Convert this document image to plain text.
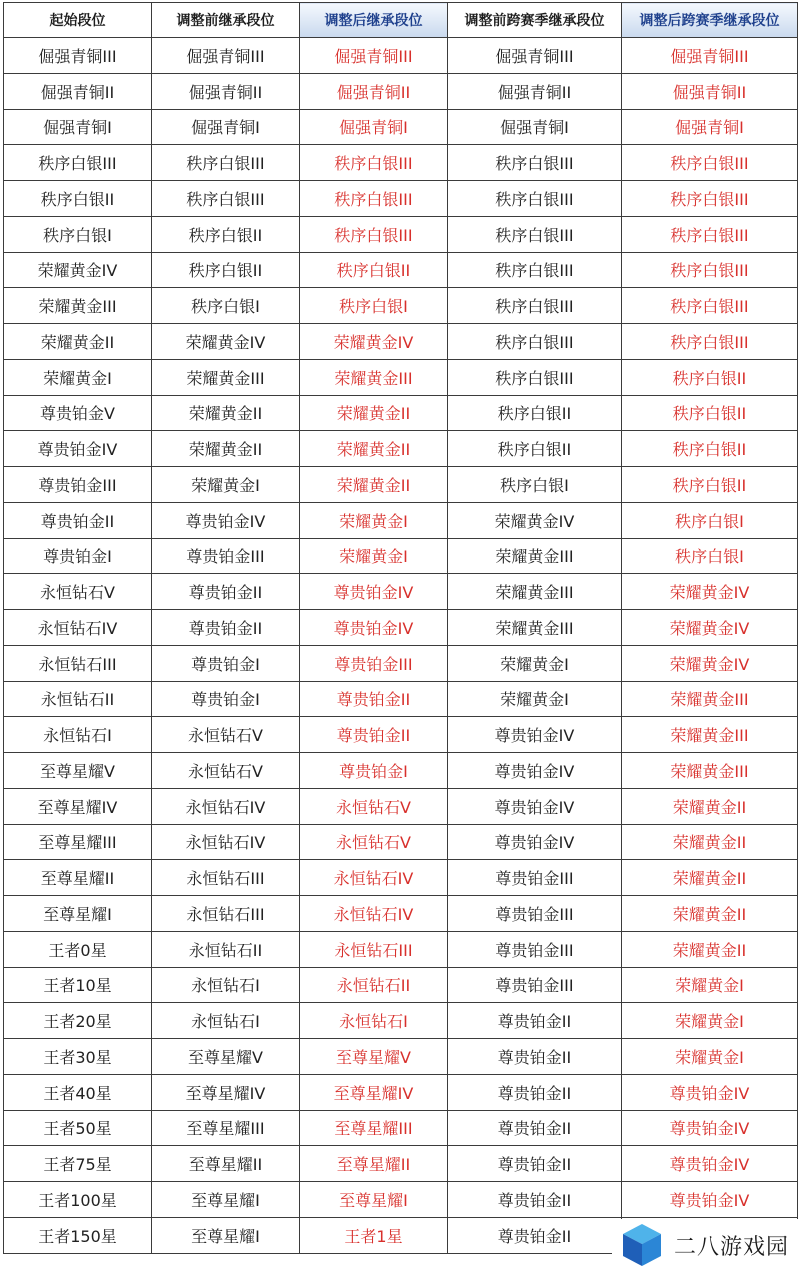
起始段位	调整前继承段位	调整后继承段位	调整前跨赛季继承段位	调整后跨赛季继承段位
倔强青铜III	倔强青铜III	倔强青铜III	倔强青铜III	倔强青铜III
倔强青铜II	倔强青铜II	倔强青铜II	倔强青铜II	倔强青铜II
倔强青铜I	倔强青铜I	倔强青铜I	倔强青铜I	倔强青铜I
秩序白银III	秩序白银III	秩序白银III	秩序白银III	秩序白银III
秩序白银II	秩序白银III	秩序白银III	秩序白银III	秩序白银III
秩序白银I	秩序白银II	秩序白银III	秩序白银III	秩序白银III
荣耀黄金IV	秩序白银II	秩序白银II	秩序白银III	秩序白银III
荣耀黄金III	秩序白银I	秩序白银I	秩序白银III	秩序白银III
荣耀黄金II	荣耀黄金IV	荣耀黄金IV	秩序白银III	秩序白银III
荣耀黄金I	荣耀黄金III	荣耀黄金III	秩序白银III	秩序白银II
尊贵铂金V	荣耀黄金II	荣耀黄金II	秩序白银II	秩序白银II
尊贵铂金IV	荣耀黄金II	荣耀黄金II	秩序白银II	秩序白银II
尊贵铂金III	荣耀黄金I	荣耀黄金II	秩序白银I	秩序白银II
尊贵铂金II	尊贵铂金IV	荣耀黄金I	荣耀黄金IV	秩序白银I
尊贵铂金I	尊贵铂金III	荣耀黄金I	荣耀黄金III	秩序白银I
永恒钻石V	尊贵铂金II	尊贵铂金IV	荣耀黄金III	荣耀黄金IV
永恒钻石IV	尊贵铂金II	尊贵铂金IV	荣耀黄金III	荣耀黄金IV
永恒钻石III	尊贵铂金I	尊贵铂金III	荣耀黄金I	荣耀黄金IV
永恒钻石II	尊贵铂金I	尊贵铂金II	荣耀黄金I	荣耀黄金III
永恒钻石I	永恒钻石V	尊贵铂金II	尊贵铂金IV	荣耀黄金III
至尊星耀V	永恒钻石V	尊贵铂金I	尊贵铂金IV	荣耀黄金III
至尊星耀IV	永恒钻石IV	永恒钻石V	尊贵铂金IV	荣耀黄金II
至尊星耀III	永恒钻石IV	永恒钻石V	尊贵铂金IV	荣耀黄金II
至尊星耀II	永恒钻石III	永恒钻石IV	尊贵铂金III	荣耀黄金II
至尊星耀I	永恒钻石III	永恒钻石IV	尊贵铂金III	荣耀黄金II
王者0星	永恒钻石II	永恒钻石III	尊贵铂金III	荣耀黄金II
王者10星	永恒钻石I	永恒钻石II	尊贵铂金III	荣耀黄金I
王者20星	永恒钻石I	永恒钻石I	尊贵铂金II	荣耀黄金I
王者30星	至尊星耀V	至尊星耀V	尊贵铂金II	荣耀黄金I
王者40星	至尊星耀IV	至尊星耀IV	尊贵铂金II	尊贵铂金IV
王者50星	至尊星耀III	至尊星耀III	尊贵铂金II	尊贵铂金IV
王者75星	至尊星耀II	至尊星耀II	尊贵铂金II	尊贵铂金IV
王者100星	至尊星耀I	至尊星耀I	尊贵铂金II	尊贵铂金IV
王者150星	至尊星耀I	王者1星	尊贵铂金II		二八游戏园
